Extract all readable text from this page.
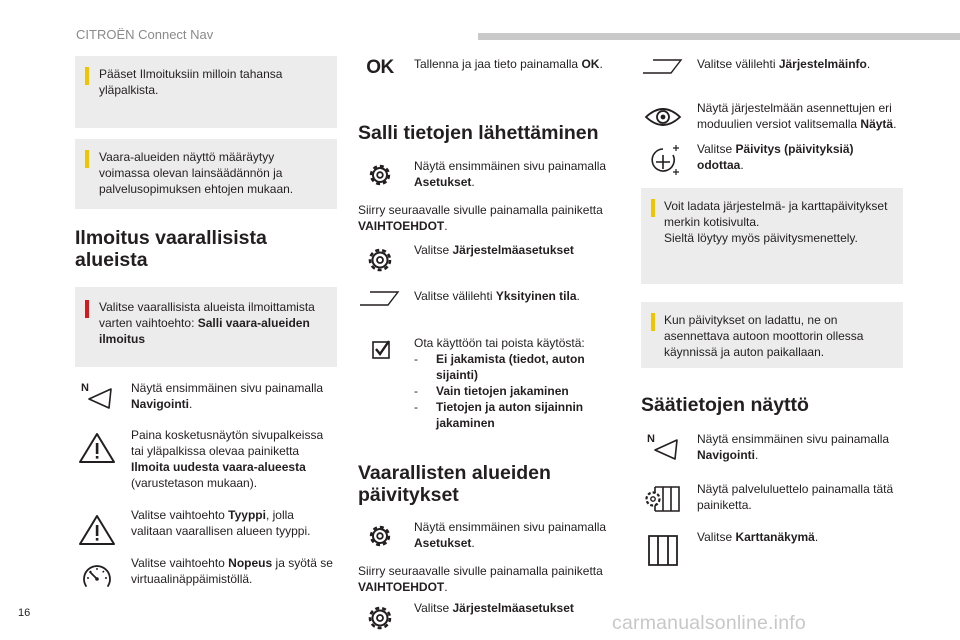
CITROËN Connect Nav
Pääset Ilmoituksiin milloin tahansa yläpalkista.
Vaara-alueiden näyttö määräytyy voimassa olevan lainsäädännön ja palvelusopimuksen ehtojen mukaan.
Ilmoitus vaarallisista alueista
Valitse vaarallisista alueista ilmoittamista varten vaihtoehto: Salli vaara-alueiden ilmoitus
N	Näytä ensimmäinen sivu painamalla Navigointi.
Paina kosketusnäytön sivupalkeissa tai yläpalkissa olevaa painiketta Ilmoita uudesta vaara-alueesta (varustetason mukaan).
Valitse vaihtoehto Tyyppi, jolla valitaan vaarallisen alueen tyyppi.
Valitse vaihtoehto Nopeus ja syötä se virtuaalinäppäimistöllä.
OK Tallenna ja jaa tieto painamalla OK.
Salli tietojen lähettäminen
Näytä ensimmäinen sivu painamalla Asetukset.
Siirry seuraavalle sivulle painamalla painiketta VAIHTOEHDOT.
Valitse Järjestelmäasetukset
Valitse välilehti Yksityinen tila.
Ota käyttöön tai poista käytöstä:
- Ei jakamista (tiedot, auton sijainti)
- Vain tietojen jakaminen
- Tietojen ja auton sijainnin jakaminen
Vaarallisten alueiden päivitykset
Näytä ensimmäinen sivu painamalla Asetukset.
Siirry seuraavalle sivulle painamalla painiketta VAIHTOEHDOT.
Valitse Järjestelmäasetukset
Valitse välilehti Järjestelmäinfo.
Näytä järjestelmään asennettujen eri moduulien versiot valitsemalla Näytä.
Valitse Päivitys (päivityksiä) odottaa.
Voit ladata järjestelmä- ja karttapäivitykset merkin kotisivulta.
Sieltä löytyy myös päivitysmenettely.
Kun päivitykset on ladattu, ne on asennettava autoon moottorin ollessa käynnissä ja auton paikallaan.
Säätietojen näyttö
N	Näytä ensimmäinen sivu painamalla Navigointi.
Näytä palveluluettelo painamalla tätä painiketta.
Valitse Karttanäkymä.
16	carmanualsonline.info
